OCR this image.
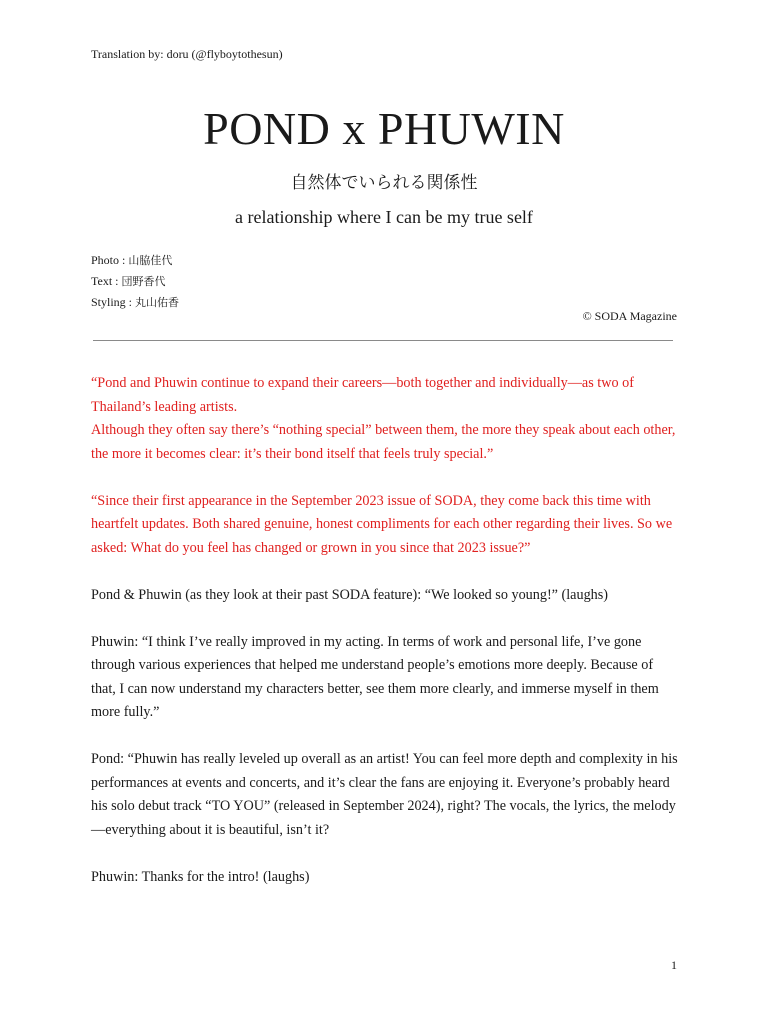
Translation by: doru (@flyboytothesun)
POND x PHUWIN
自然体でいられる関係性
a relationship where I can be my true self
Photo : 山脇佳代
Text : 団野香代
Styling : 丸山佑香
© SODA Magazine

“Pond and Phuwin continue to expand their careers—both together and individually—as two of Thailand’s leading artists.
Although they often say there’s “nothing special” between them, the more they speak about each other, the more it becomes clear: it’s their bond itself that feels truly special.”

“Since their first appearance in the September 2023 issue of SODA, they come back this time with heartfelt updates. Both shared genuine, honest compliments for each other regarding their lives. So we asked: What do you feel has changed or grown in you since that 2023 issue?”

Pond & Phuwin (as they look at their past SODA feature): “We looked so young!” (laughs)

Phuwin: “I think I’ve really improved in my acting. In terms of work and personal life, I’ve gone through various experiences that helped me understand people’s emotions more deeply. Because of that, I can now understand my characters better, see them more clearly, and immerse myself in them more fully.”

Pond: “Phuwin has really leveled up overall as an artist! You can feel more depth and complexity in his performances at events and concerts, and it’s clear the fans are enjoying it. Everyone’s probably heard his solo debut track “TO YOU” (released in September 2024), right? The vocals, the lyrics, the melody—everything about it is beautiful, isn’t it?

Phuwin: Thanks for the intro! (laughs)

1
